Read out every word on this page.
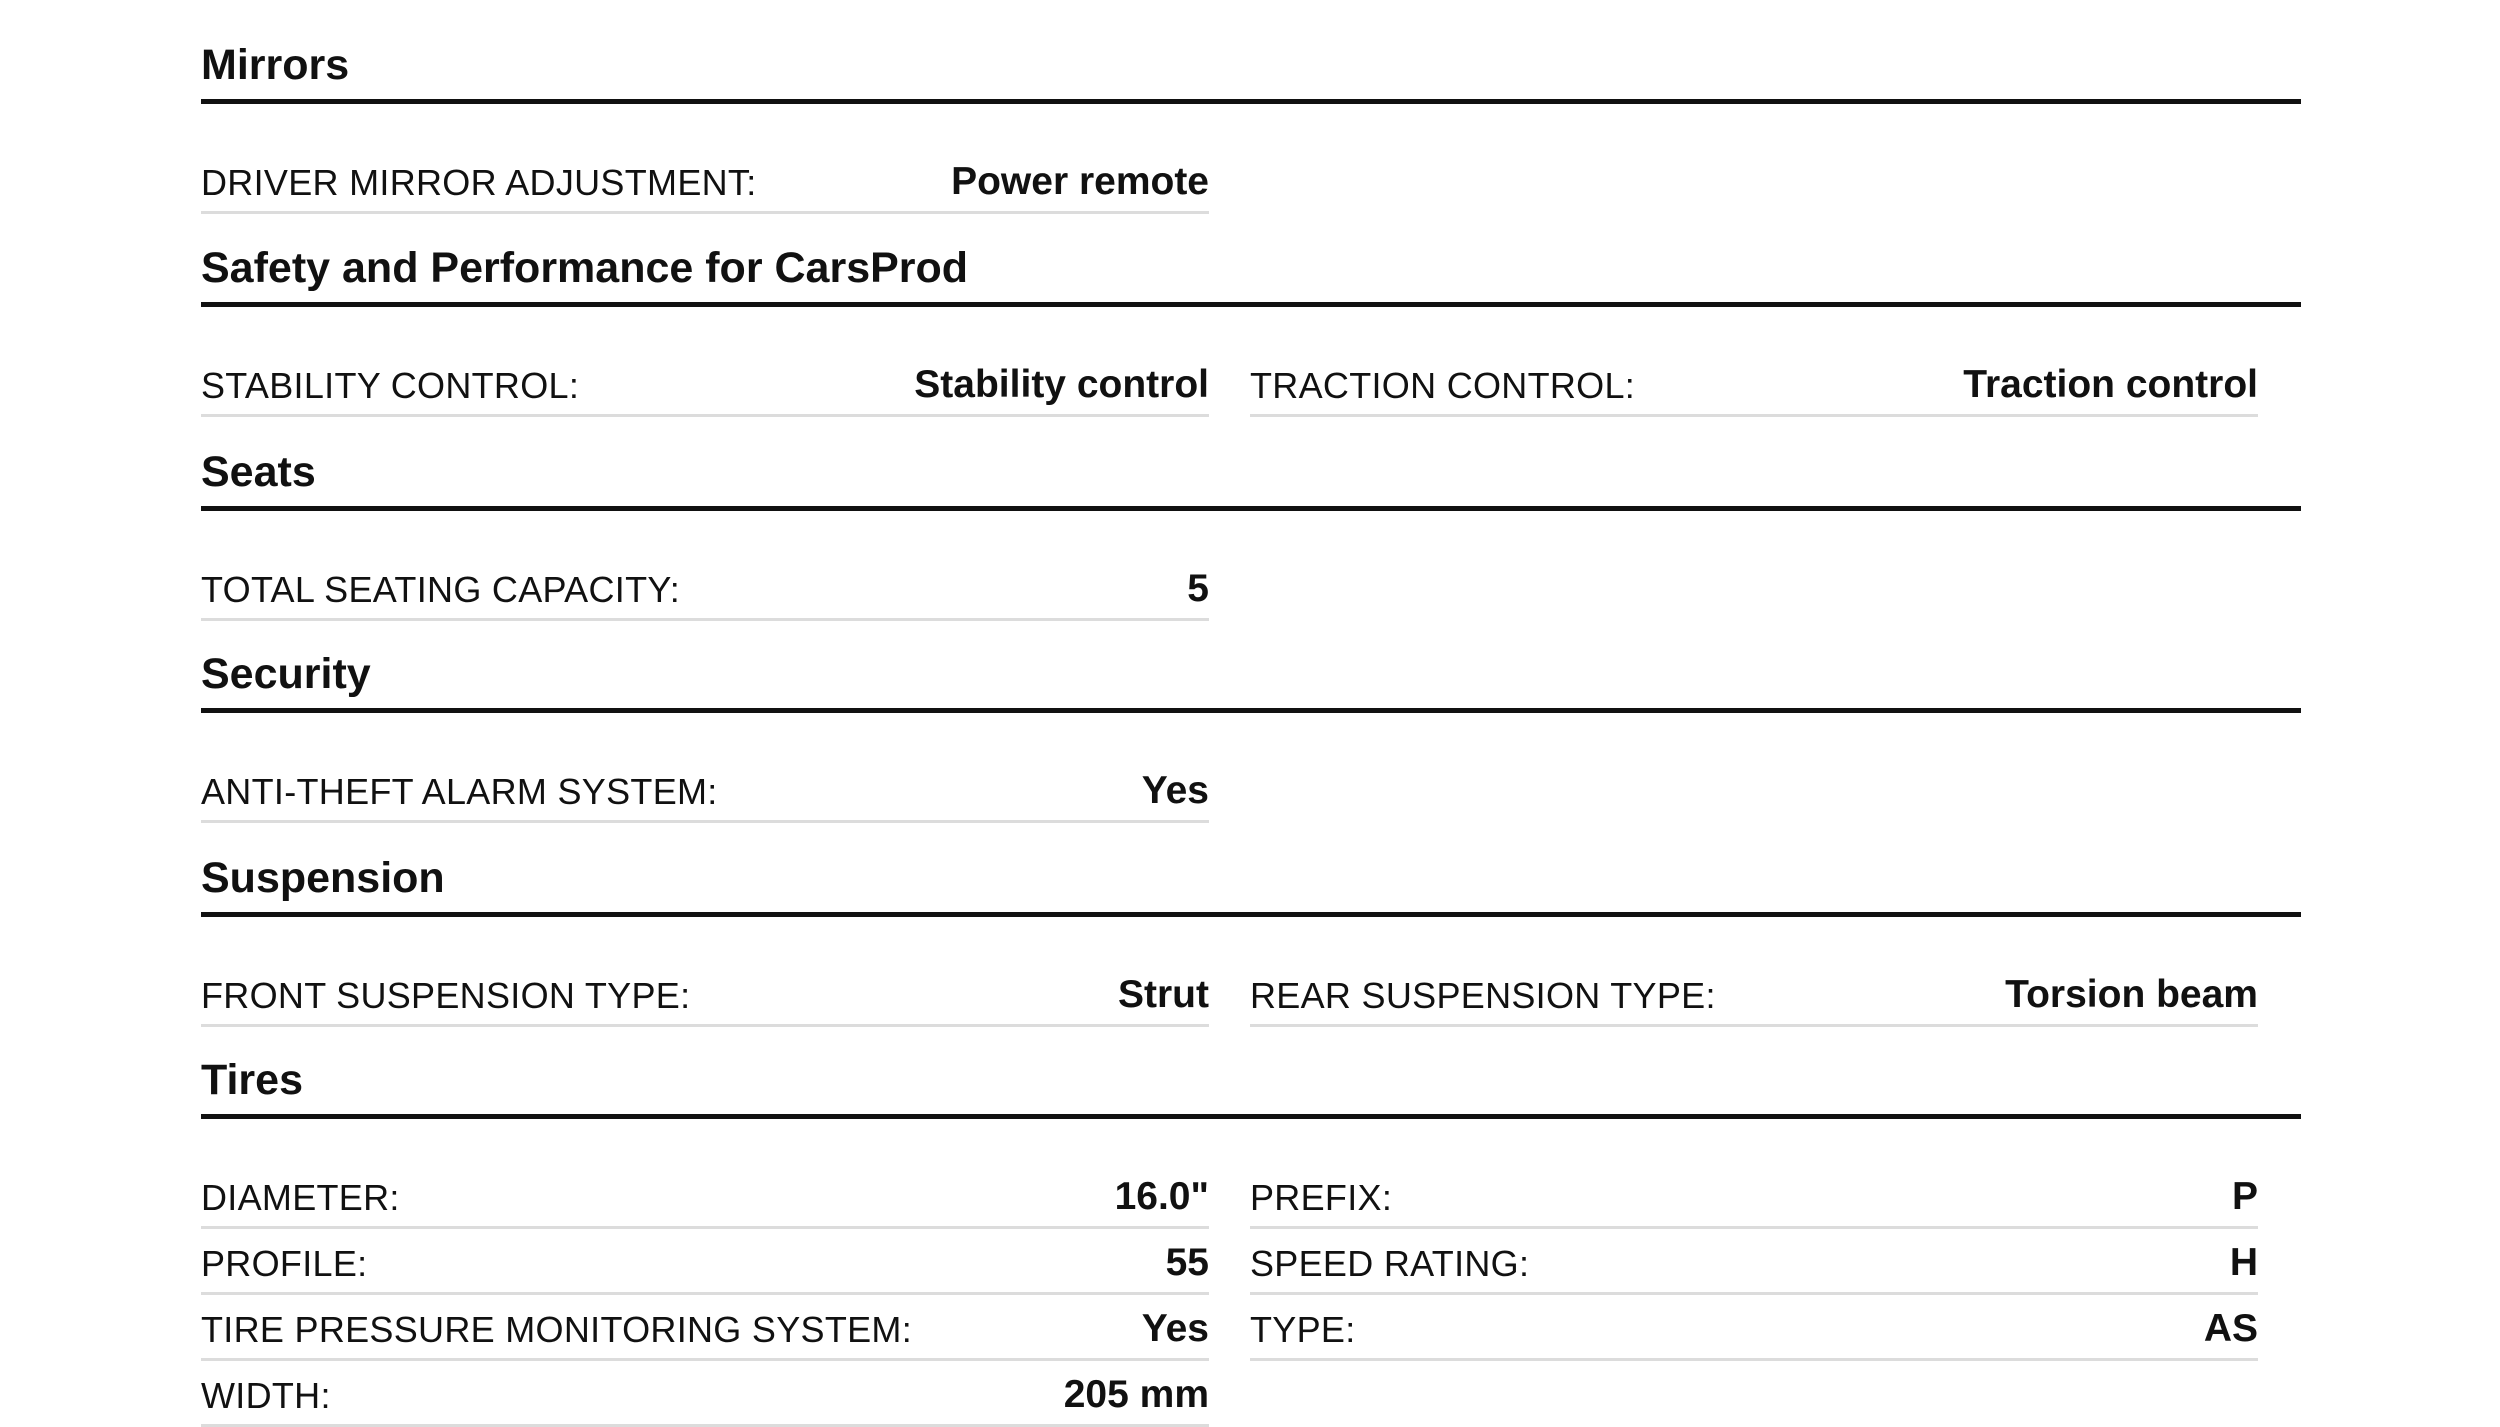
Mirrors
DRIVER MIRROR ADJUSTMENT:	Power remote
Safety and Performance for CarsProd
STABILITY CONTROL:	Stability control TRACTION CONTROL:	Traction control
Seats
TOTAL SEATING CAPACITY:	5
Security
ANTI-THEFT ALARM SYSTEM:	Yes
Suspension
FRONT SUSPENSION TYPE:	Strut REAR SUSPENSION TYPE:	Torsion beam
Tires
DIAMETER:	16.0" PREFIX:	P
PROFILE:	55 SPEED RATING:	H
TIRE PRESSURE MONITORING SYSTEM:	Yes TYPE:	AS
WIDTH:	205 mm
